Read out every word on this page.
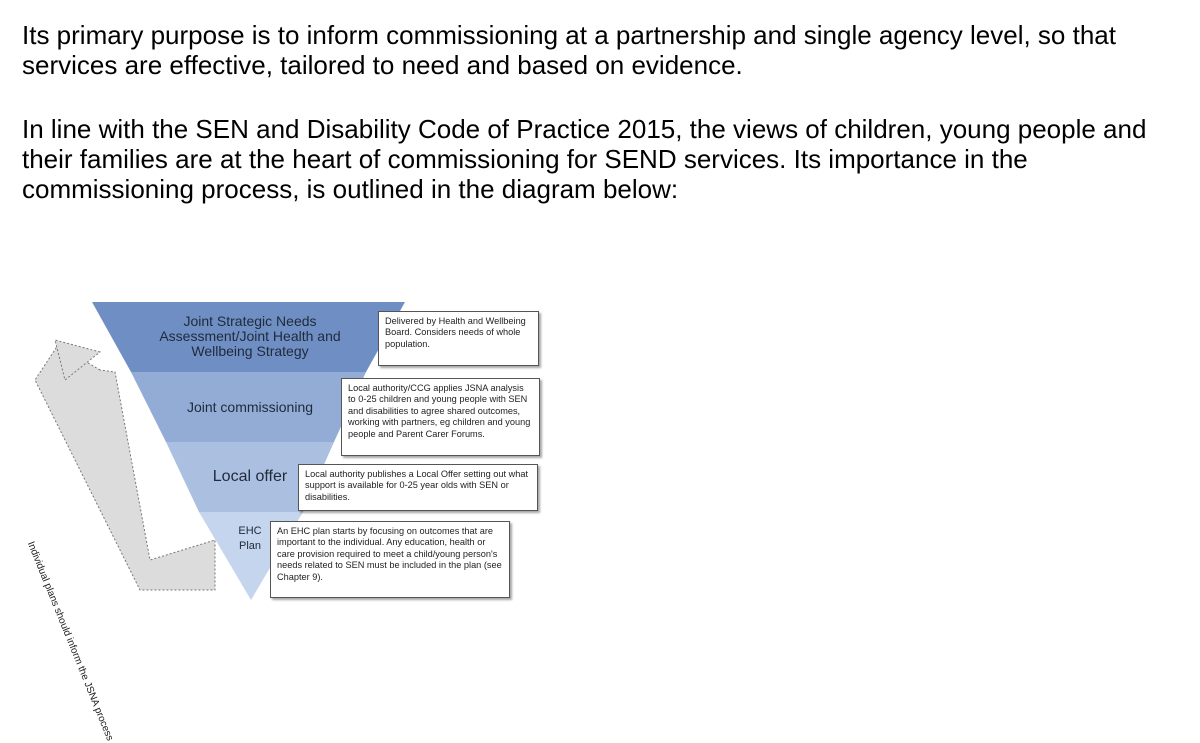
Its primary purpose is to inform commissioning at a partnership and single agency level, so that services are effective, tailored to need and based on evidence.

In line with the SEN and Disability Code of Practice 2015, the views of children, young people and their families are at the heart of commissioning for SEND services. Its importance in the commissioning process, is outlined in the diagram below:

Joint Strategic Needs Assessment/Joint Health and Wellbeing Strategy
Joint commissioning
Local offer
EHC Plan
Delivered by Health and Wellbeing Board. Considers needs of whole population.
Local authority/CCG applies JSNA analysis to 0-25 children and young people with SEN and disabilities to agree shared outcomes, working with partners, eg children and young people and Parent Carer Forums.
Local authority publishes a Local Offer setting out what support is available for 0-25 year olds with SEN or disabilities.
An EHC plan starts by focusing on outcomes that are important to the individual. Any education, health or care provision required to meet a child/young person's needs related to SEN must be included in the plan (see Chapter 9).
Individual plans should inform the JSNA process
